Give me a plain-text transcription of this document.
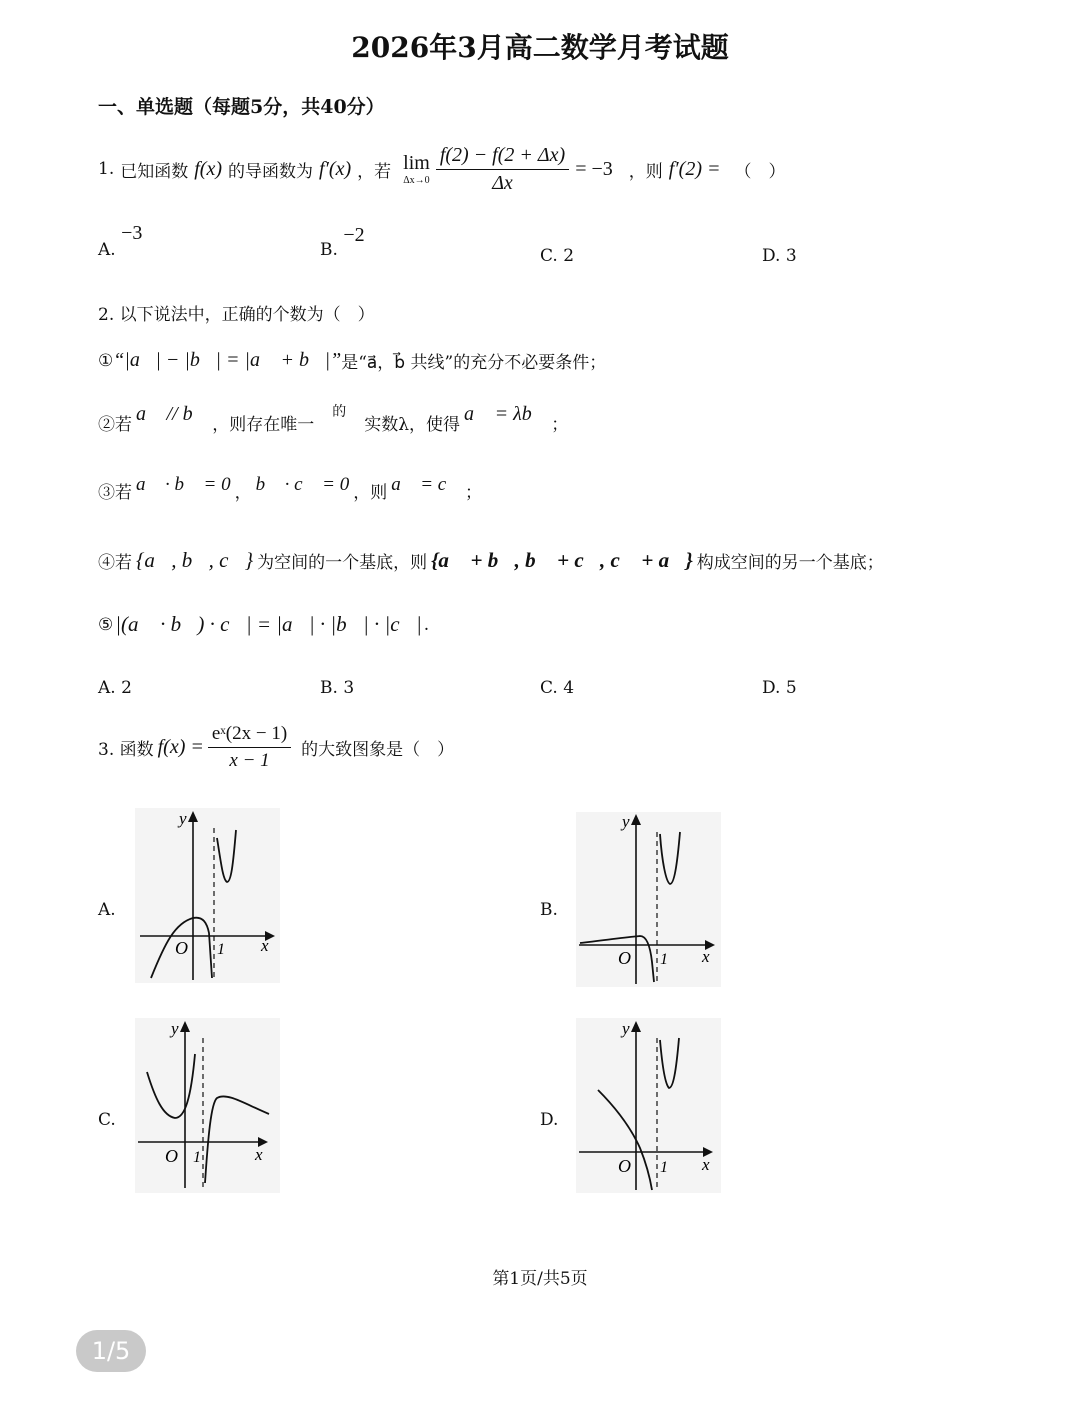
2026年3月高二数学月考试题
一、单选题（每题5分，共40分）
1. 已知函数 f(x) 的导函数为 f′(x) ，若 lim
$\Delta x\to 0 \frac{f(2) - f(2 + \Delta x)}{\Delta x} = -3$ ，则 f′(2) = （　）
A. −3
B. −2
C. 2	D. 3
2. 以下说法中，正确的个数为（　）
① “|a⃗| − |b⃗| = |a⃗ + b⃗|” 是“a⃗，b⃗ 共线”的充分不必要条件；
②若 a⃗ // b⃗ ，则存在唯一
的
实数λ，使得 a⃗ = λb⃗ ；
③若 a⃗ · b⃗ = 0 ， b⃗ · c⃗ = 0 ，则 a⃗ = c⃗ ；
④若 {a⃗, b⃗, c⃗} 为空间的一个基底，则 {a⃗ + b⃗, b⃗ + c⃗, c⃗ + a⃗} 构成空间的另一个基底；
⑤ |(a⃗ · b⃗) · c⃗| = |a⃗| · |b⃗| · |c⃗| .
A. 2	B. 3	C. 4	D. 5
3. 函数 $f(x) = \frac{\text{eˣ(2x − 1)}}{x - 1}$ 的大致图象是（　）
A.	B.
C.	D.
y
x
O 1
y
x
O 1
y
x
O 1
y
x
O 1
第1页/共5页
1/5
